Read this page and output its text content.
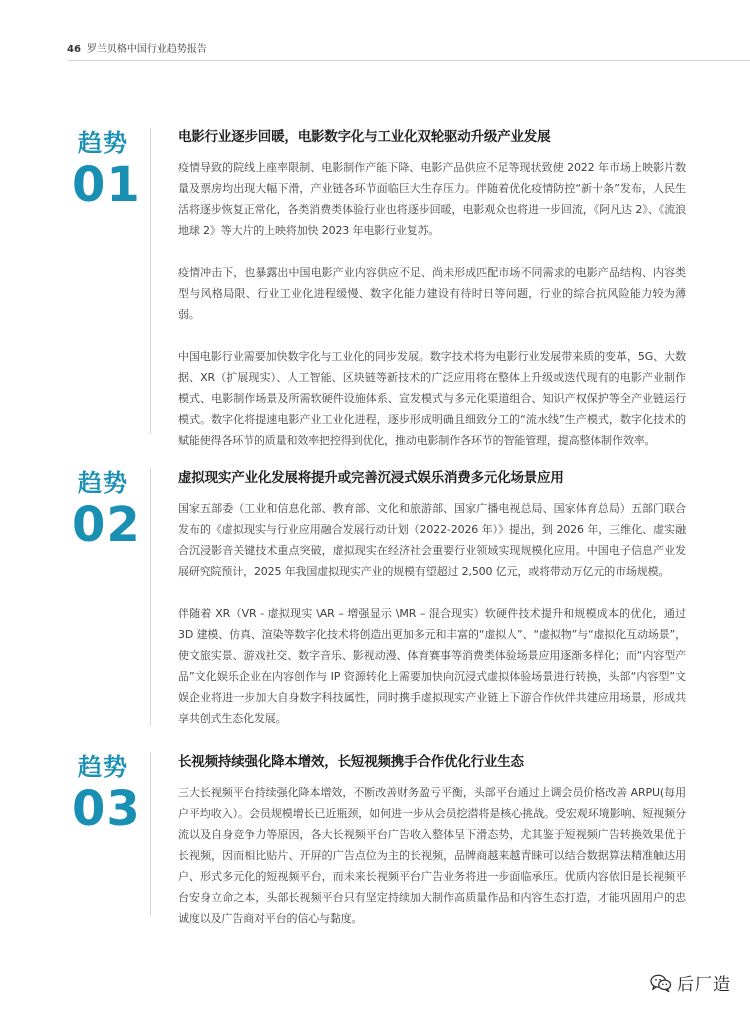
46 罗兰贝格中国行业趋势报告
趋势
01
电影行业逐步回暖，电影数字化与工业化双轮驱动升级产业发展

疫情导致的院线上座率限制、电影制作产能下降、电影产品供应不足等现状致使 2022 年市场上映影片数量及票房均出现大幅下滑，产业链各环节面临巨大生存压力。伴随着优化疫情防控“新十条”发布，人民生活将逐步恢复正常化，各类消费类体验行业也将逐步回暖，电影观众也将进一步回流，《阿凡达 2》、《流浪地球 2》等大片的上映将加快 2023 年电影行业复苏。

疫情冲击下，也暴露出中国电影产业内容供应不足、尚未形成匹配市场不同需求的电影产品结构、内容类型与风格局限、行业工业化进程缓慢、数字化能力建设有待时日等问题，行业的综合抗风险能力较为薄弱。

中国电影行业需要加快数字化与工业化的同步发展。数字技术将为电影行业发展带来质的变革，5G、大数据、XR（扩展现实）、人工智能、区块链等新技术的广泛应用将在整体上升级或迭代现有的电影产业制作模式、电影制作场景及所需软硬件设施体系、宣发模式与多元化渠道组合、知识产权保护等全产业链运行模式。数字化将提速电影产业工业化进程，逐步形成明确且细致分工的“流水线”生产模式，数字化技术的赋能使得各环节的质量和效率把控得到优化，推动电影制作各环节的智能管理，提高整体制作效率。

趋势
02
虚拟现实产业化发展将提升或完善沉浸式娱乐消费多元化场景应用

国家五部委（工业和信息化部、教育部、文化和旅游部、国家广播电视总局、国家体育总局）五部门联合发布的《虚拟现实与行业应用融合发展行动计划（2022-2026 年）》提出，到 2026 年，三维化、虚实融合沉浸影音关键技术重点突破，虚拟现实在经济社会重要行业领域实现规模化应用。中国电子信息产业发展研究院预计，2025 年我国虚拟现实产业的规模有望超过 2,500 亿元，或将带动万亿元的市场规模。

伴随着 XR（VR - 虚拟现实 \AR – 增强显示 \MR – 混合现实）软硬件技术提升和规模成本的优化，通过 3D 建模、仿真、渲染等数字化技术将创造出更加多元和丰富的“虚拟人”、“虚拟物”与“虚拟化互动场景”，使文旅实景、游戏社交、数字音乐、影视动漫、体育赛事等消费类体验场景应用逐渐多样化；而“内容型产品”文化娱乐企业在内容创作与 IP 资源转化上需要加快向沉浸式虚拟体验场景进行转换，头部“内容型”文娱企业将进一步加大自身数字科技属性，同时携手虚拟现实产业链上下游合作伙伴共建应用场景，形成共享共创式生态化发展。

趋势
03
长视频持续强化降本增效，长短视频携手合作优化行业生态

三大长视频平台持续强化降本增效，不断改善财务盈亏平衡，头部平台通过上调会员价格改善 ARPU(每用户平均收入）。会员规模增长已近瓶颈，如何进一步从会员挖潜将是核心挑战。受宏观环境影响、短视频分流以及自身竞争力等原因，各大长视频平台广告收入整体呈下滑态势，尤其鉴于短视频广告转换效果优于长视频，因而相比贴片、开屏的广告点位为主的长视频，品牌商越来越青睐可以结合数据算法精准触达用户、形式多元化的短视频平台，而未来长视频平台广告业务将进一步面临承压。优质内容依旧是长视频平台安身立命之本，头部长视频平台只有坚定持续加大制作高质量作品和内容生态打造，才能巩固用户的忠诚度以及广告商对平台的信心与黏度。

后厂造
